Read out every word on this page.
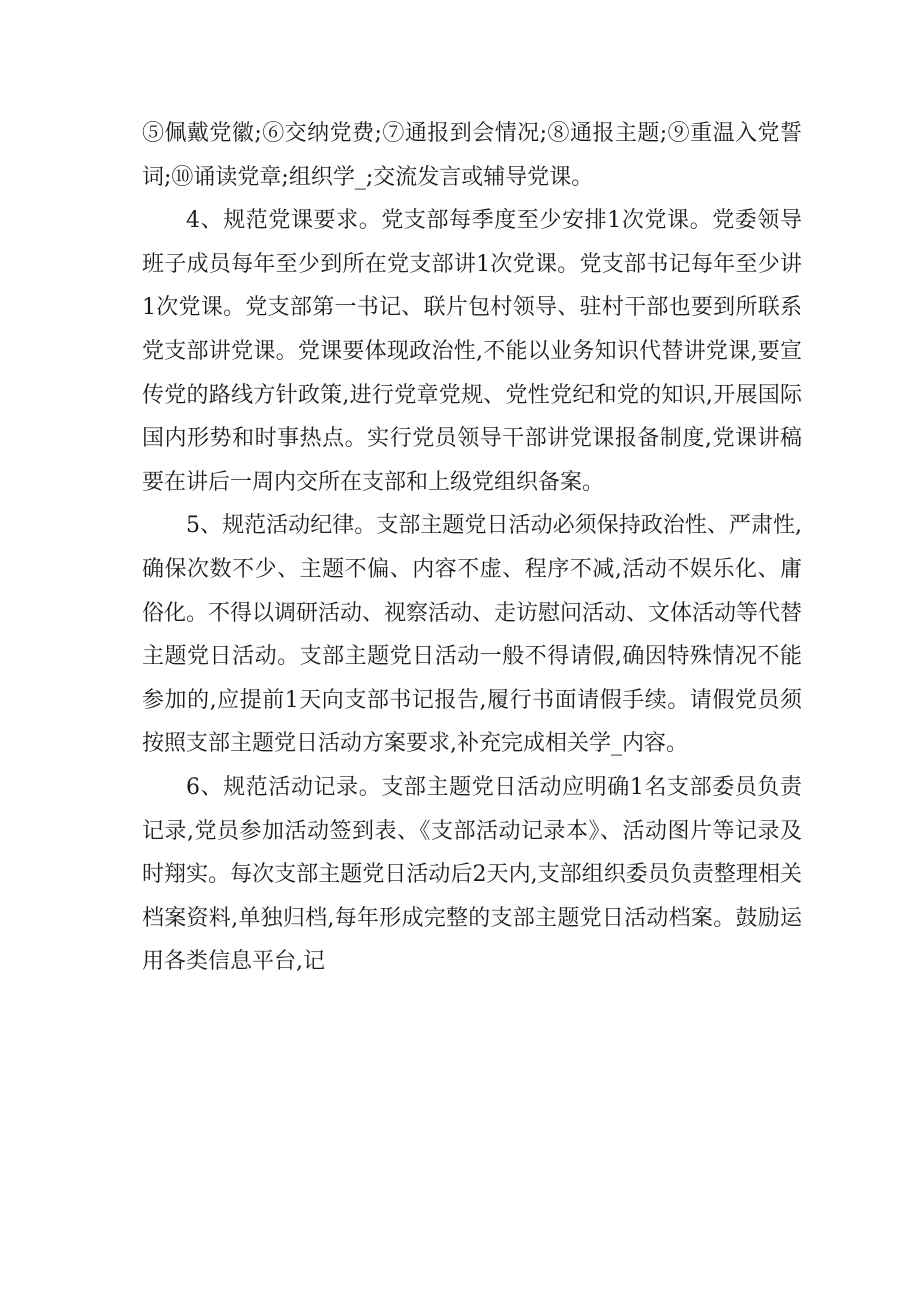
⑤佩戴党徽;⑥交纳党费;⑦通报到会情况;⑧通报主题;⑨重温入党誓词;⑩诵读党章;组织学_;交流发言或辅导党课。

4、规范党课要求。党支部每季度至少安排1次党课。党委领导班子成员每年至少到所在党支部讲1次党课。党支部书记每年至少讲1次党课。党支部第一书记、联片包村领导、驻村干部也要到所联系党支部讲党课。党课要体现政治性,不能以业务知识代替讲党课,要宣传党的路线方针政策,进行党章党规、党性党纪和党的知识,开展国际国内形势和时事热点。实行党员领导干部讲党课报备制度,党课讲稿要在讲后一周内交所在支部和上级党组织备案。

5、规范活动纪律。支部主题党日活动必须保持政治性、严肃性,确保次数不少、主题不偏、内容不虚、程序不减,活动不娱乐化、庸俗化。不得以调研活动、视察活动、走访慰问活动、文体活动等代替主题党日活动。支部主题党日活动一般不得请假,确因特殊情况不能参加的,应提前1天向支部书记报告,履行书面请假手续。请假党员须按照支部主题党日活动方案要求,补充完成相关学_内容。

6、规范活动记录。支部主题党日活动应明确1名支部委员负责记录,党员参加活动签到表、《支部活动记录本》、活动图片等记录及时翔实。每次支部主题党日活动后2天内,支部组织委员负责整理相关档案资料,单独归档,每年形成完整的支部主题党日活动档案。鼓励运用各类信息平台,记
